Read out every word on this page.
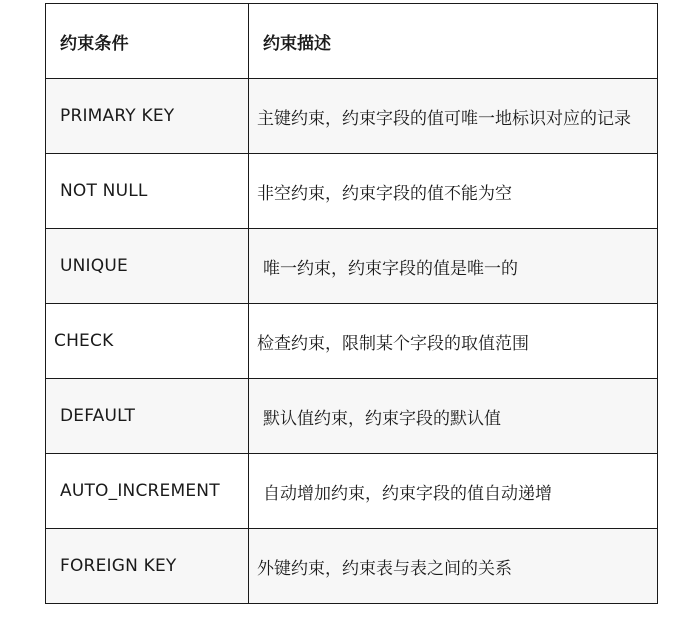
约束条件	约束描述
PRIMARY KEY	主键约束，约束字段的值可唯一地标识对应的记录
NOT NULL	非空约束，约束字段的值不能为空
UNIQUE	唯一约束，约束字段的值是唯一的
CHECK	检查约束，限制某个字段的取值范围
DEFAULT	默认值约束，约束字段的默认值
AUTO_INCREMENT	自动增加约束，约束字段的值自动递增
FOREIGN KEY	外键约束，约束表与表之间的关系
